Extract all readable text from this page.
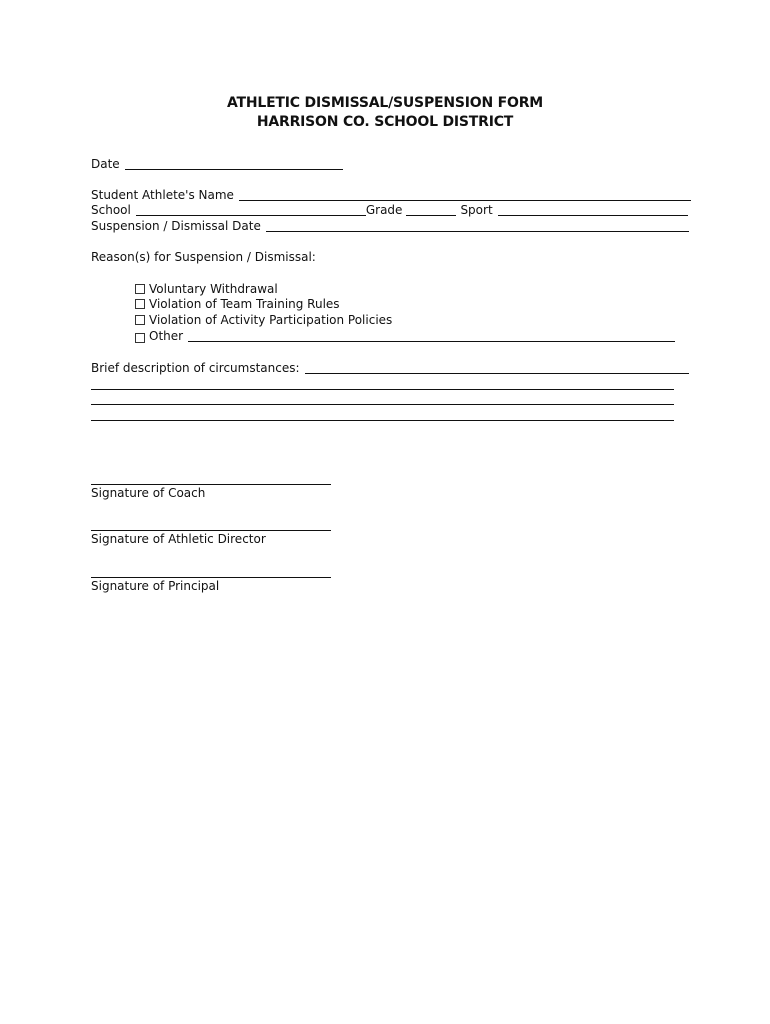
ATHLETIC DISMISSAL/SUSPENSION FORM
HARRISON CO. SCHOOL DISTRICT
Date
Student Athlete's Name
School	Grade	Sport
Suspension / Dismissal Date
Reason(s) for Suspension / Dismissal:
Voluntary Withdrawal
Violation of Team Training Rules
Violation of Activity Participation Policies
Other
Brief description of circumstances:
Signature of Coach
Signature of Athletic Director
Signature of Principal
